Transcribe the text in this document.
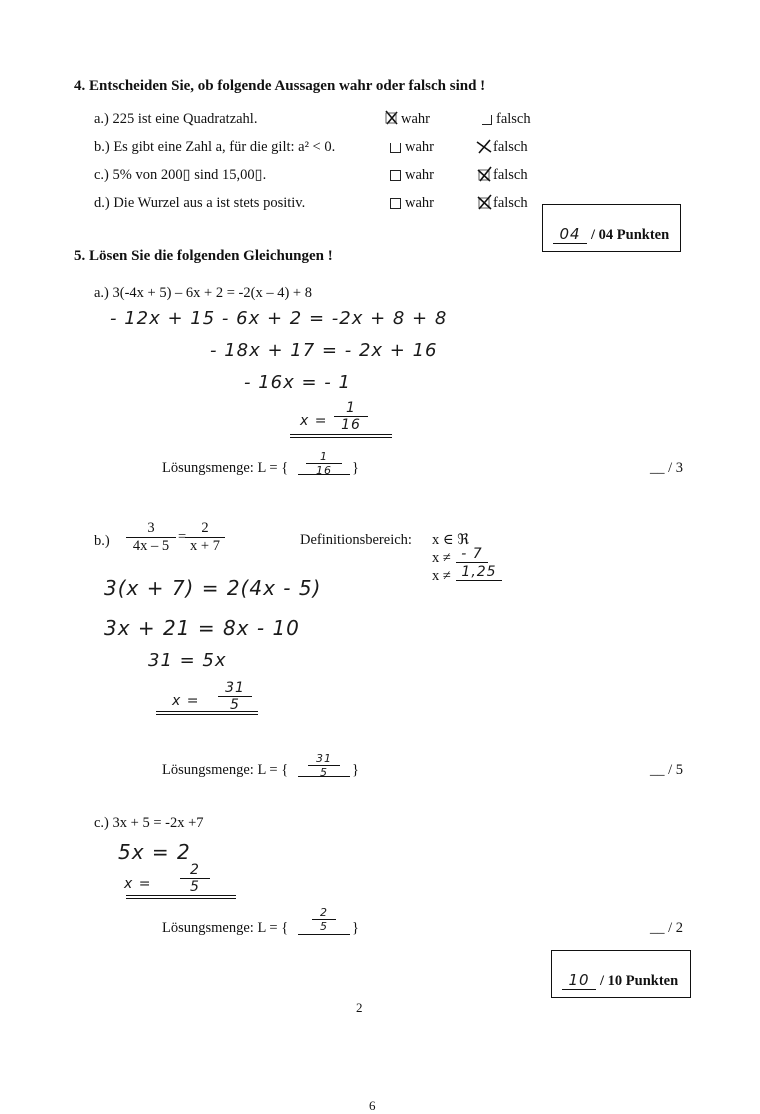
4. Entscheiden Sie, ob folgende Aussagen wahr oder falsch sind !
a.) 225 ist eine Quadratzahl.	wahr	falsch
b.) Es gibt eine Zahl a, für die gilt: a² < 0.	wahr	falsch
c.) 5% von 200▯ sind 15,00▯.	wahr	falsch
d.) Die Wurzel aus a ist stets positiv.	wahr	falsch
04 / 04 Punkten
5. Lösen Sie die folgenden Gleichungen !
a.) 3(-4x + 5) – 6x + 2 = -2(x – 4) + 8
- 12x + 15 - 6x + 2 = -2x + 8 + 8
- 18x + 17 = - 2x + 16
- 16x = - 1
$x = \frac{1}{16}$
Lösungsmenge: L = { $\frac{1}{16}$ }	__ / 3
$b.) \frac{3}{4x - 5}$ =
$\frac{2}{x + 7}$	Definitionsbereich: x ∈ ℜ
x ≠ - 7
x ≠ 1,25
3(x + 7) = 2(4x - 5)
3x + 21 = 8x - 10
31 = 5x
$x = \frac{31}{5}$
Lösungsmenge: L = { $\frac{31}{5}$ }	__ / 5
c.) 3x + 5 = -2x +7
5x = 2
$x = \frac{2}{5}$
Lösungsmenge: L = { $\frac{2}{5}$ }	__ / 2
10 / 10 Punkten
2
6
